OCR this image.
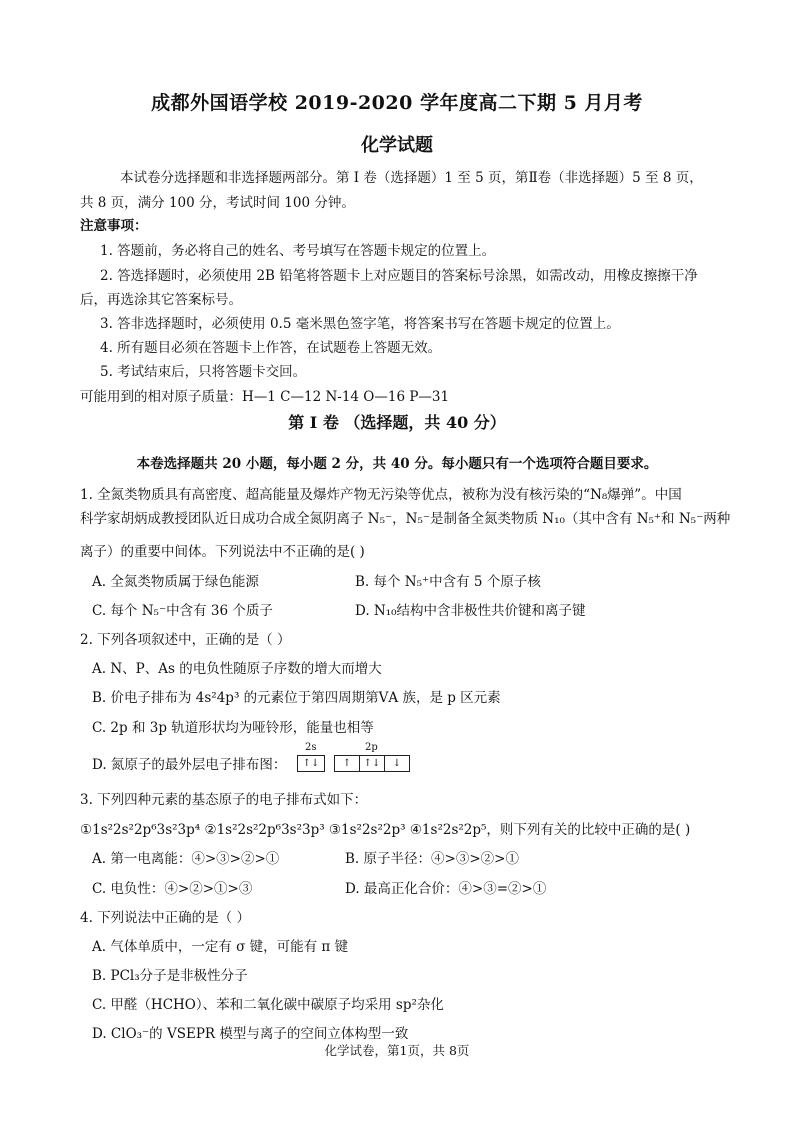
成都外国语学校 2019-2020 学年度高二下期 5 月月考
化学试题
本试卷分选择题和非选择题两部分。第 Ⅰ 卷（选择题）1 至 5 页，第Ⅱ卷（非选择题）5 至 8 页，
共 8 页，满分 100 分，考试时间 100 分钟。
注意事项：
1. 答题前，务必将自己的姓名、考号填写在答题卡规定的位置上。
2. 答选择题时，必须使用 2B 铅笔将答题卡上对应题目的答案标号涂黑，如需改动，用橡皮擦擦干净
后，再选涂其它答案标号。
3. 答非选择题时，必须使用 0.5 毫米黑色签字笔，将答案书写在答题卡规定的位置上。
4. 所有题目必须在答题卡上作答，在试题卷上答题无效。
5. 考试结束后，只将答题卡交回。
可能用到的相对原子质量：H—1 C—12 N-14 O—16 P—31
第 Ⅰ 卷 （选择题，共 40 分）
本卷选择题共 20 小题，每小题 2 分，共 40 分。每小题只有一个选项符合题目要求。
1. 全氮类物质具有高密度、超高能量及爆炸产物无污染等优点，被称为没有核污染的“N₈爆弹”。中国
科学家胡炳成教授团队近日成功合成全氮阴离子 N₅⁻，N₅⁻是制备全氮类物质 N₁₀（其中含有 N₅⁺和 N₅⁻两种
离子）的重要中间体。下列说法中不正确的是( )
A. 全氮类物质属于绿色能源	B. 每个 N₅⁺中含有 5 个原子核
C. 每个 N₅⁻中含有 36 个质子	D. N₁₀结构中含非极性共价键和离子键
2. 下列各项叙述中，正确的是（ ）
A. N、P、As 的电负性随原子序数的增大而增大
B. 价电子排布为 4s²4p³ 的元素位于第四周期第ⅤA 族，是 p 区元素
C. 2p 和 3p 轨道形状均为哑铃形，能量也相等
D. 氮原子的最外层电子排布图：
2s
↑↓
2p
↑	↑↓	↓
3. 下列四种元素的基态原子的电子排布式如下：
①1s²2s²2p⁶3s²3p⁴ ②1s²2s²2p⁶3s²3p³ ③1s²2s²2p³ ④1s²2s²2p⁵，则下列有关的比较中正确的是( )
A. 第一电离能：④>③>②>①	B. 原子半径：④>③>②>①
C. 电负性：④>②>①>③	D. 最高正化合价：④>③=②>①
4. 下列说法中正确的是（ ）
A. 气体单质中，一定有 σ 键，可能有 π 键
B. PCl₃分子是非极性分子
C. 甲醛（HCHO）、苯和二氧化碳中碳原子均采用 sp²杂化
D. ClO₃⁻的 VSEPR 模型与离子的空间立体构型一致
化学试卷，第1页，共 8页
